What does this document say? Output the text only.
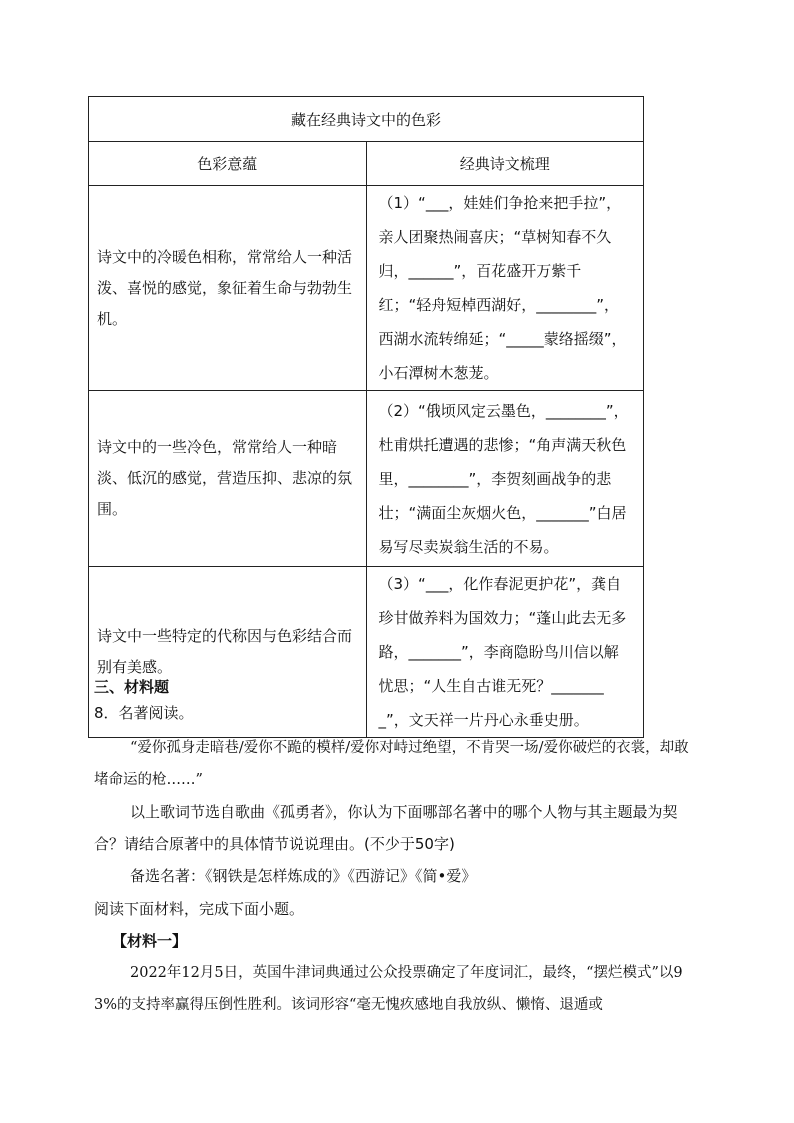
藏在经典诗文中的色彩	
色彩意蕴	经典诗文梳理

诗文中的冷暖色相称，常常给人一种活泼、喜悦的感觉，象征着生命与勃勃生机。	（1）“___，娃娃们争抢来把手拉”，亲人团聚热闹喜庆；“草树知春不久归，______”，百花盛开万紫千红；“轻舟短棹西湖好，________”，西湖水流转绵延；“_____蒙络摇缀”，小石潭树木葱茏。

诗文中的一些冷色，常常给人一种暗淡、低沉的感觉，营造压抑、悲凉的氛围。	（2）“俄顷风定云墨色，________”，杜甫烘托遭遇的悲惨；“角声满天秋色里，________”，李贺刻画战争的悲壮；“满面尘灰烟火色，_______”白居易写尽卖炭翁生活的不易。

诗文中一些特定的代称因与色彩结合而别有美感。	（3）“___，化作春泥更护花”，龚自珍甘做养料为国效力；“蓬山此去无多路，_______”，李商隐盼鸟川信以解忧思；“人生自古谁无死？________”，文天祥一片丹心永垂史册。
三、材料题
8．名著阅读。
“爱你孤身走暗巷/爱你不跪的模样/爱你对峙过绝望，不肯哭一场/爱你破烂的衣裳，却敢堵命运的枪……”
以上歌词节选自歌曲《孤勇者》，你认为下面哪部名著中的哪个人物与其主题最为契合？请结合原著中的具体情节说说理由。(不少于50字)
备选名著：《钢铁是怎样炼成的》《西游记》《简•爱》
阅读下面材料，完成下面小题。
【材料一】
2022年12月5日，英国牛津词典通过公众投票确定了年度词汇，最终，“摆烂模式”以93%的支持率赢得压倒性胜利。该词形容“毫无愧疚感地自我放纵、懒惰、退遁或
